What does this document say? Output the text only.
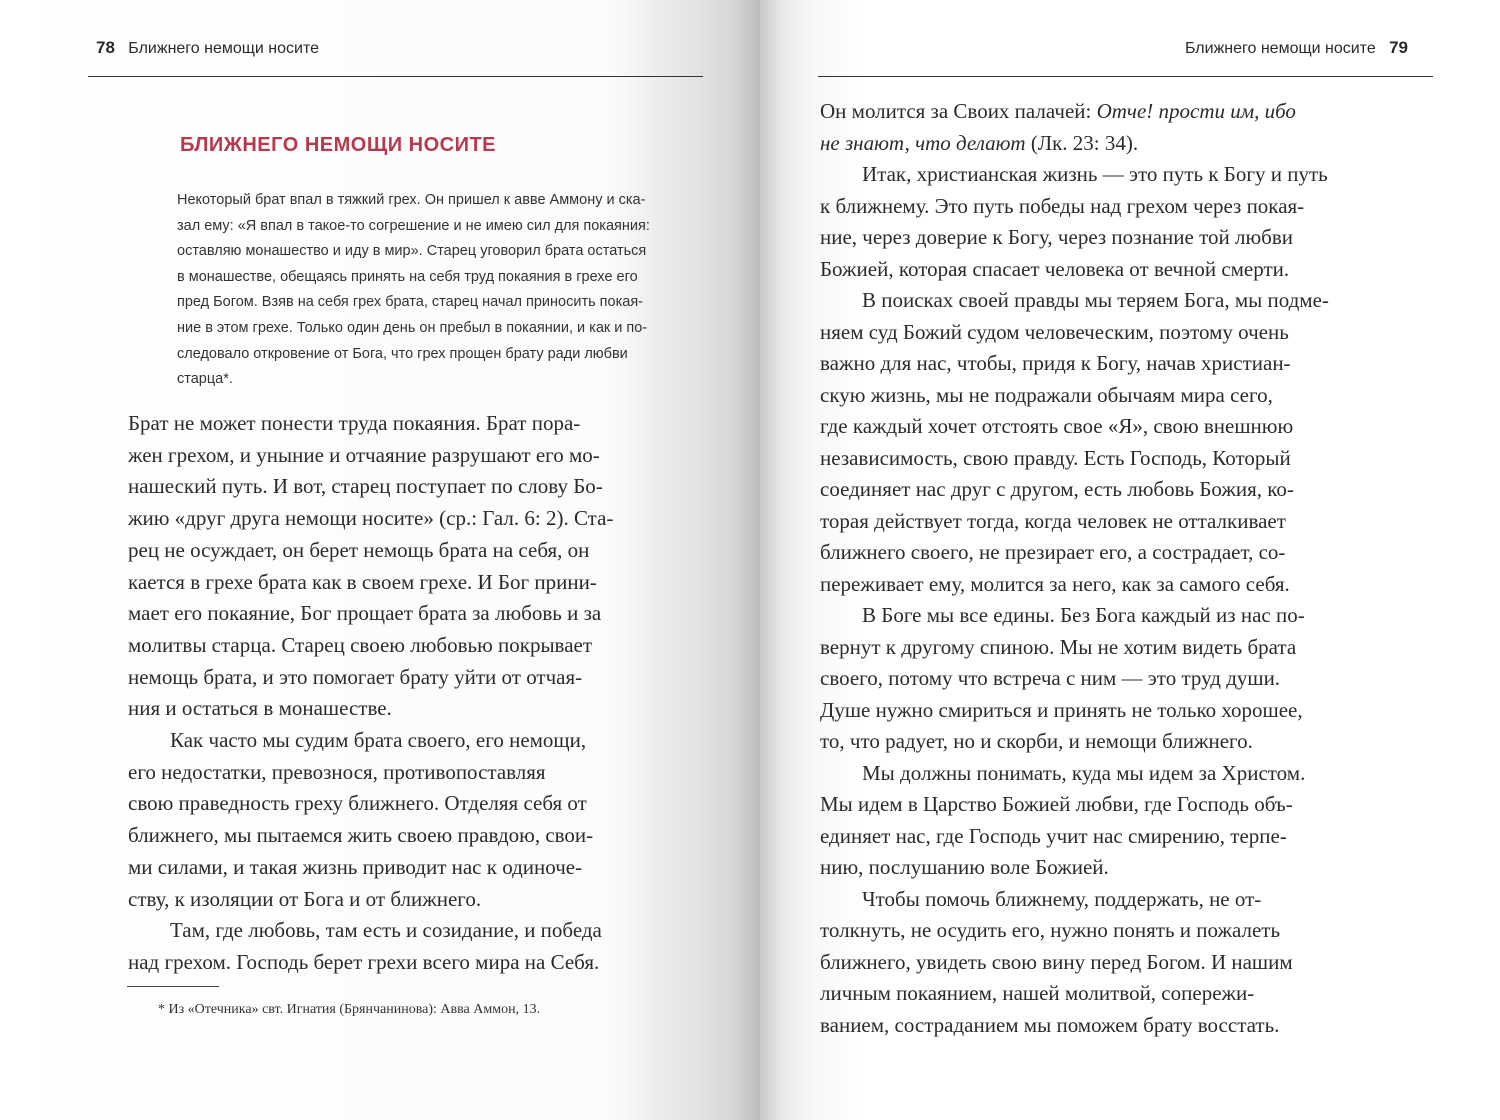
78 Ближнего немощи носите
БЛИЖНЕГО НЕМОЩИ НОСИТЕ
Некоторый брат впал в тяжкий грех. Он пришел к авве Аммону и ска-
зал ему: «Я впал в такое-то согрешение и не имею сил для покаяния:
оставляю монашество и иду в мир». Старец уговорил брата остаться
в монашестве, обещаясь принять на себя труд покаяния в грехе его
пред Богом. Взяв на себя грех брата, старец начал приносить покая-
ние в этом грехе. Только один день он пребыл в покаянии, и как и по-
следовало откровение от Бога, что грех прощен брату ради любви
старца*.
Брат не может понести труда покаяния. Брат пора-
жен грехом, и уныние и отчаяние разрушают его мо-
нашеский путь. И вот, старец поступает по слову Бо-
жию «друг друга немощи носите» (ср.: Гал. 6: 2). Ста-
рец не осуждает, он берет немощь брата на себя, он
кается в грехе брата как в своем грехе. И Бог прини-
мает его покаяние, Бог прощает брата за любовь и за
молитвы старца. Старец своею любовью покрывает
немощь брата, и это помогает брату уйти от отчая-
ния и остаться в монашестве.
Как часто мы судим брата своего, его немощи,
его недостатки, превознося, противопоставляя
свою праведность греху ближнего. Отделяя себя от
ближнего, мы пытаемся жить своею правдою, свои-
ми силами, и такая жизнь приводит нас к одиноче-
ству, к изоляции от Бога и от ближнего.
Там, где любовь, там есть и созидание, и победа
над грехом. Господь берет грехи всего мира на Себя.
* Из «Отечника» свт. Игнатия (Брянчанинова): Авва Аммон, 13.
Ближнего немощи носите 79
Он молится за Своих палачей: Отче! прости им, ибо
не знают, что делают (Лк. 23: 34).
Итак, христианская жизнь — это путь к Богу и путь
к ближнему. Это путь победы над грехом через покая-
ние, через доверие к Богу, через познание той любви
Божией, которая спасает человека от вечной смерти.
В поисках своей правды мы теряем Бога, мы подме-
няем суд Божий судом человеческим, поэтому очень
важно для нас, чтобы, придя к Богу, начав христиан-
скую жизнь, мы не подражали обычаям мира сего,
где каждый хочет отстоять свое «Я», свою внешнюю
независимость, свою правду. Есть Господь, Который
соединяет нас друг с другом, есть любовь Божия, ко-
торая действует тогда, когда человек не отталкивает
ближнего своего, не презирает его, а сострадает, со-
переживает ему, молится за него, как за самого себя.
В Боге мы все едины. Без Бога каждый из нас по-
вернут к другому спиною. Мы не хотим видеть брата
своего, потому что встреча с ним — это труд души.
Душе нужно смириться и принять не только хорошее,
то, что радует, но и скорби, и немощи ближнего.
Мы должны понимать, куда мы идем за Христом.
Мы идем в Царство Божией любви, где Господь объ-
единяет нас, где Господь учит нас смирению, терпе-
нию, послушанию воле Божией.
Чтобы помочь ближнему, поддержать, не от-
толкнуть, не осудить его, нужно понять и пожалеть
ближнего, увидеть свою вину перед Богом. И нашим
личным покаянием, нашей молитвой, сопережи-
ванием, состраданием мы поможем брату восстать.
